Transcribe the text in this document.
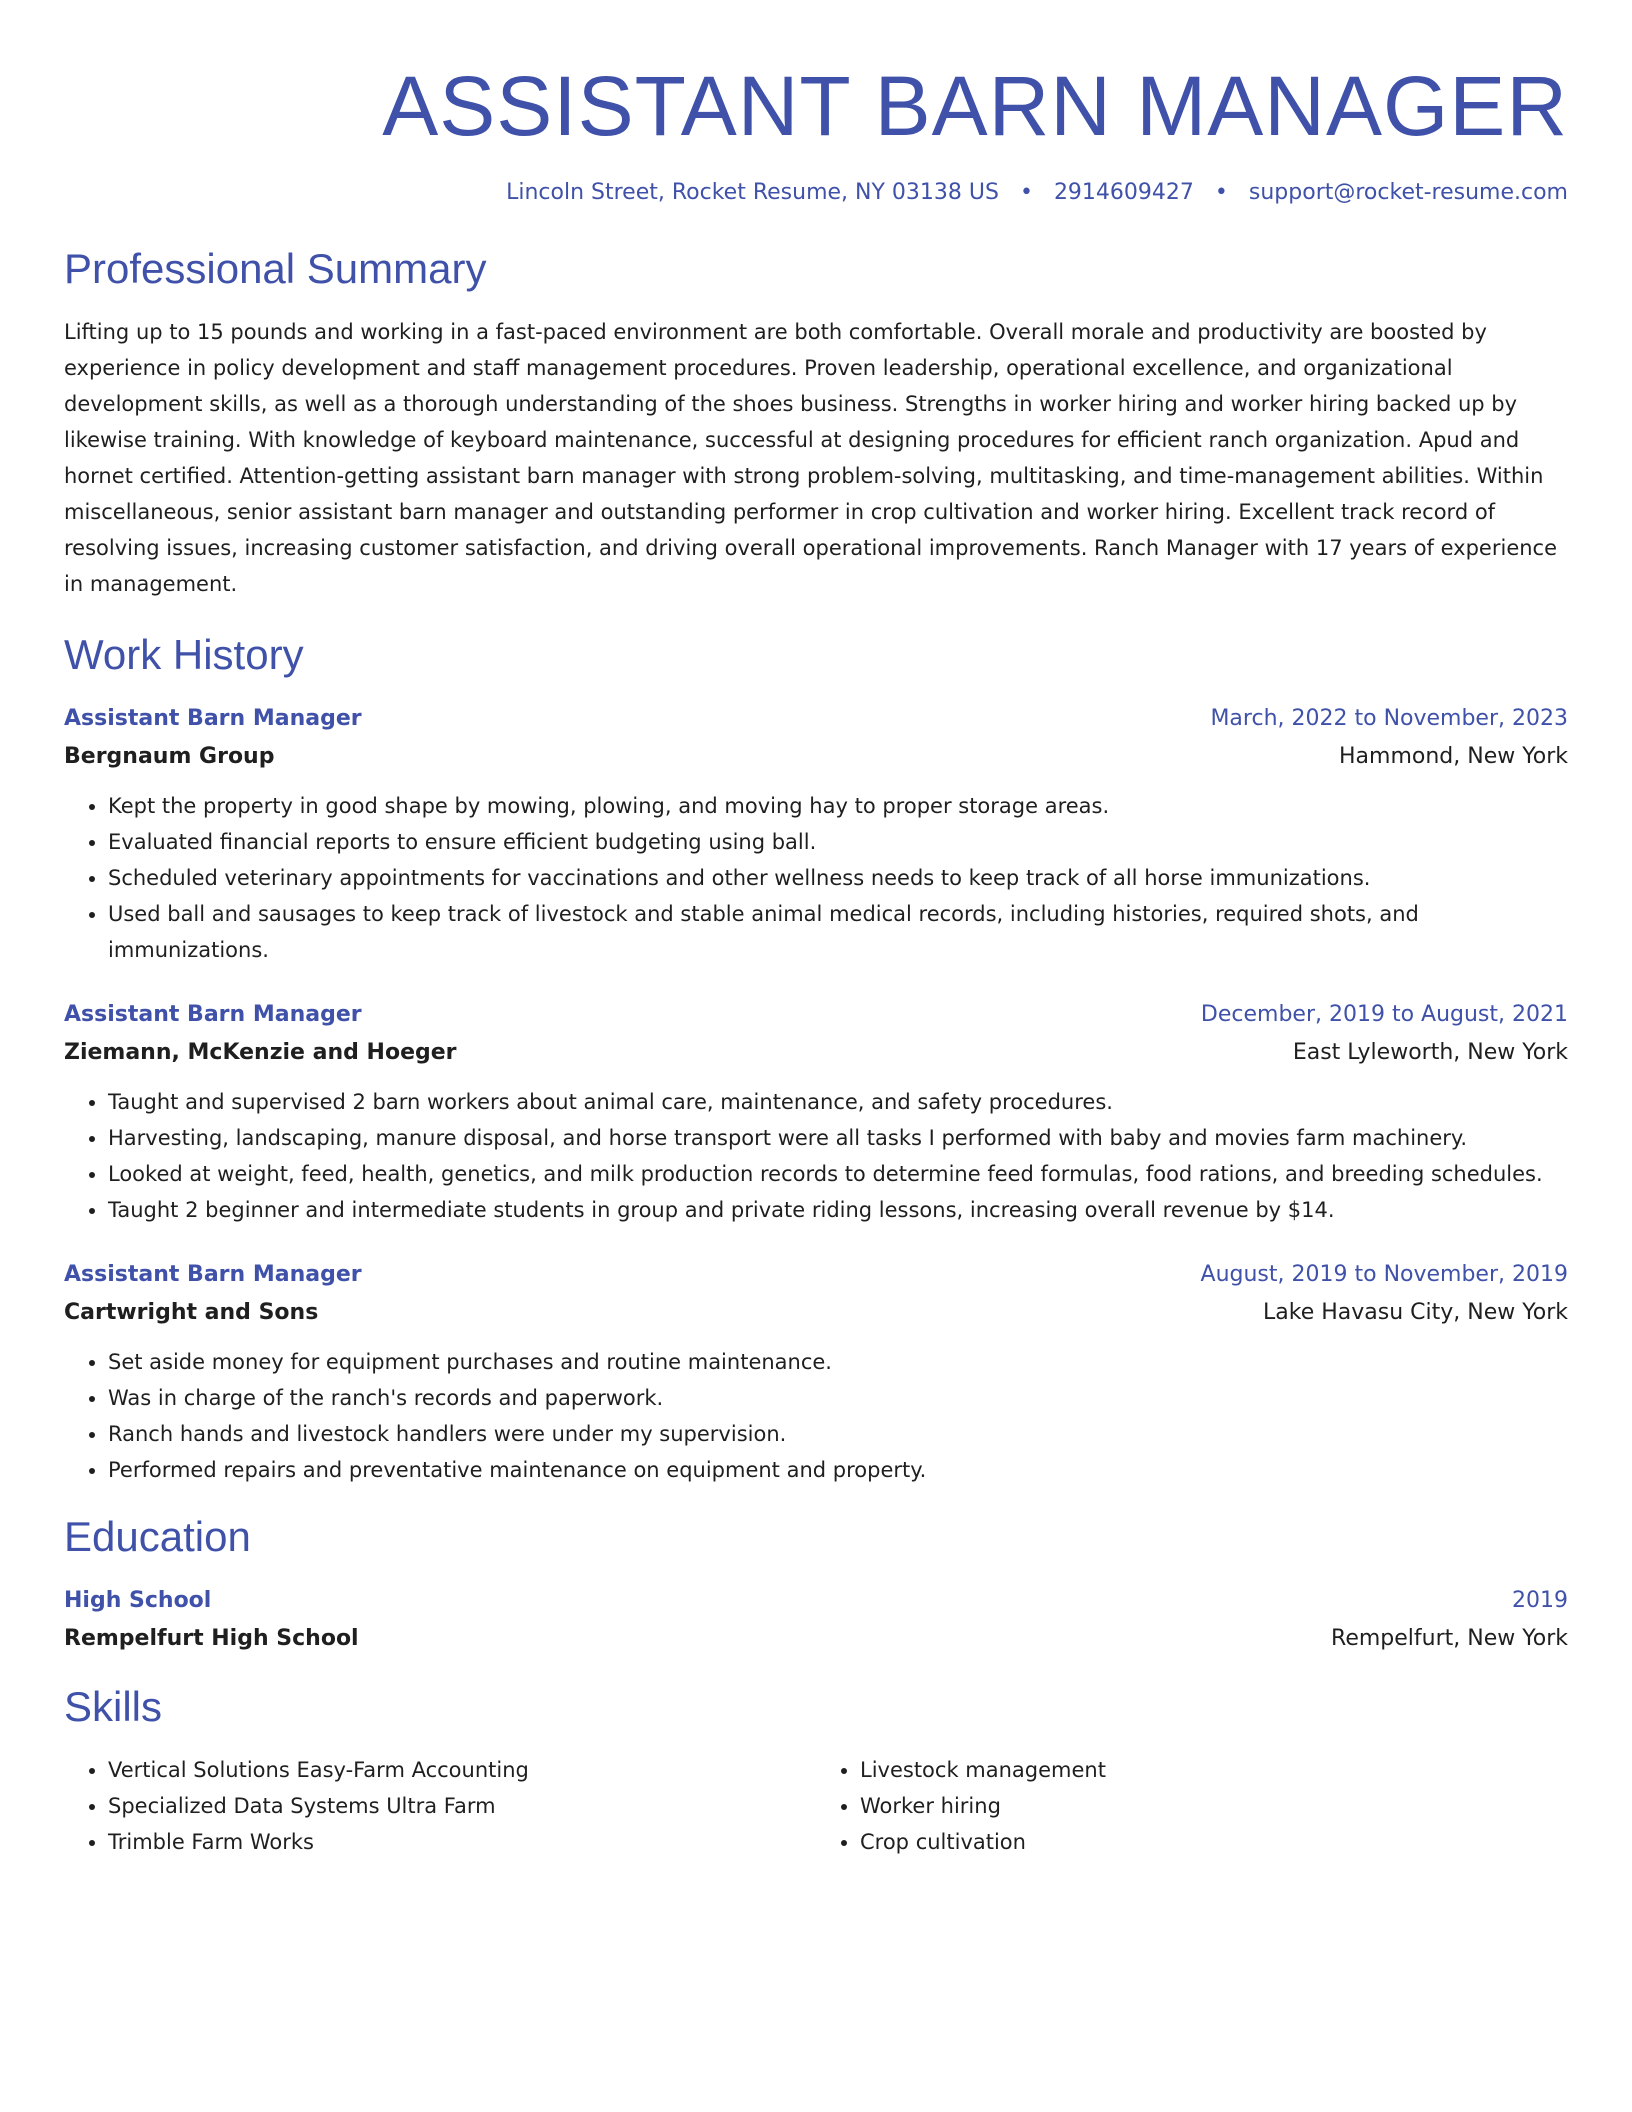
ASSISTANT BARN MANAGER
Lincoln Street, Rocket Resume, NY 03138 US • 2914609427 • support@rocket-resume.com
Professional Summary

Lifting up to 15 pounds and working in a fast-paced environment are both comfortable. Overall morale and productivity are boosted by experience in policy development and staff management procedures. Proven leadership, operational excellence, and organizational development skills, as well as a thorough understanding of the shoes business. Strengths in worker hiring and worker hiring backed up by likewise training. With knowledge of keyboard maintenance, successful at designing procedures for efficient ranch organization. Apud and hornet certified. Attention-getting assistant barn manager with strong problem-solving, multitasking, and time-management abilities. Within miscellaneous, senior assistant barn manager and outstanding performer in crop cultivation and worker hiring. Excellent track record of resolving issues, increasing customer satisfaction, and driving overall operational improvements. Ranch Manager with 17 years of experience in management.

Work History
Assistant Barn Manager	March, 2022 to November, 2023
Bergnaum Group	Hammond, New York
• Kept the property in good shape by mowing, plowing, and moving hay to proper storage areas.
• Evaluated financial reports to ensure efficient budgeting using ball.
• Scheduled veterinary appointments for vaccinations and other wellness needs to keep track of all horse immunizations.
• Used ball and sausages to keep track of livestock and stable animal medical records, including histories, required shots, and immunizations.
Assistant Barn Manager	December, 2019 to August, 2021
Ziemann, McKenzie and Hoeger	East Lyleworth, New York
• Taught and supervised 2 barn workers about animal care, maintenance, and safety procedures.
• Harvesting, landscaping, manure disposal, and horse transport were all tasks I performed with baby and movies farm machinery.
• Looked at weight, feed, health, genetics, and milk production records to determine feed formulas, food rations, and breeding schedules.
• Taught 2 beginner and intermediate students in group and private riding lessons, increasing overall revenue by $14.
Assistant Barn Manager	August, 2019 to November, 2019
Cartwright and Sons	Lake Havasu City, New York
• Set aside money for equipment purchases and routine maintenance.
• Was in charge of the ranch's records and paperwork.
• Ranch hands and livestock handlers were under my supervision.
• Performed repairs and preventative maintenance on equipment and property.
Education
High School	2019
Rempelfurt High School	Rempelfurt, New York
Skills
• Vertical Solutions Easy-Farm Accounting
• Specialized Data Systems Ultra Farm
• Trimble Farm Works
• Livestock management
• Worker hiring
• Crop cultivation
